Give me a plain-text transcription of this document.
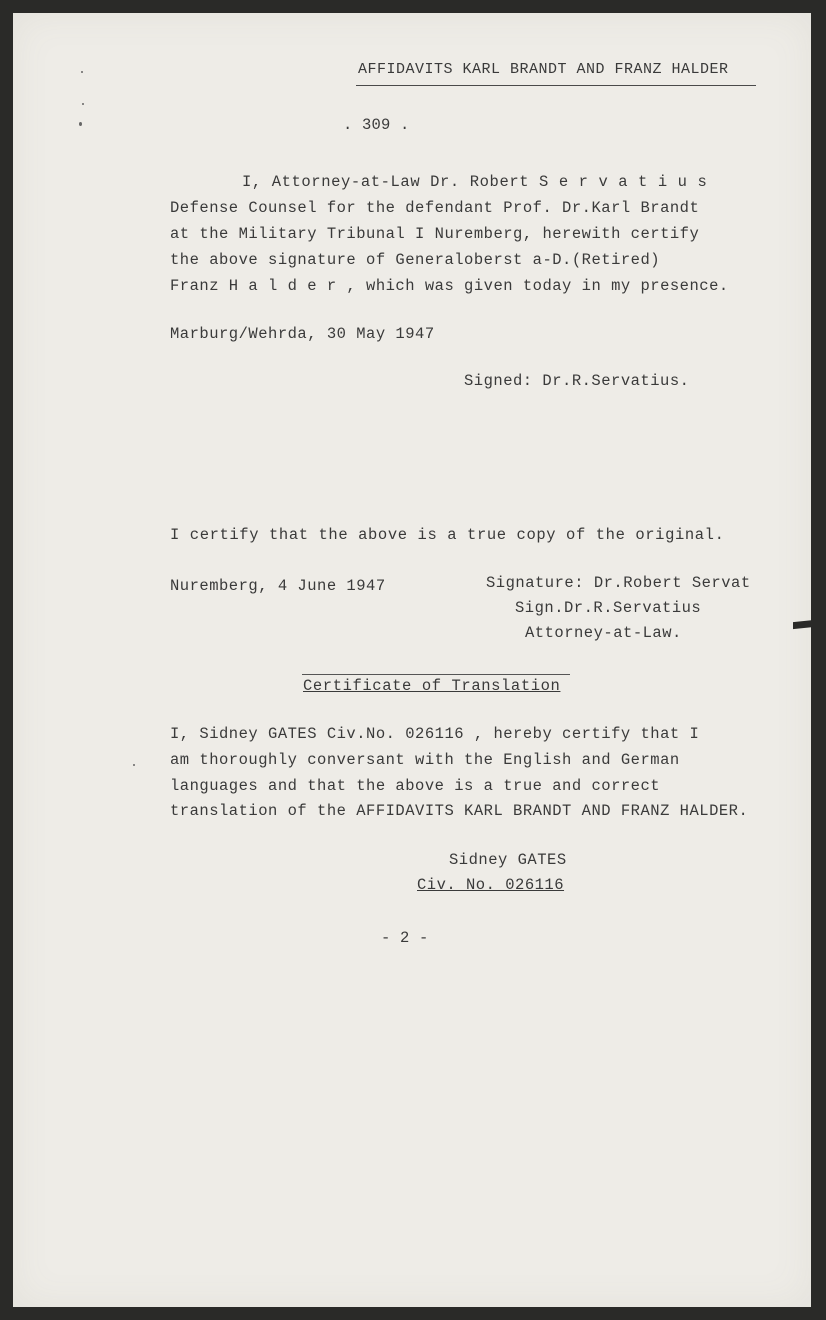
AFFIDAVITS KARL BRANDT AND FRANZ HALDER

. 309 .

I, Attorney-at-Law Dr. Robert S e r v a t i u s

Defense Counsel for the defendant Prof. Dr.Karl Brandt

at the Military Tribunal I Nuremberg, herewith certify

the above signature of Generaloberst a-D.(Retired)

Franz H a l d e r , which was given today in my presence.

Marburg/Wehrda, 30 May 1947

Signed: Dr.R.Servatius.

I certify that the above is a true copy of the original.

Nuremberg, 4 June 1947	Signature: Dr.Robert Servat

Sign.Dr.R.Servatius

Attorney-at-Law.

Certificate of Translation

I, Sidney GATES Civ.No. 026116 , hereby certify that I

am thoroughly conversant with the English and German

languages and that the above is a true and correct

translation of the AFFIDAVITS KARL BRANDT AND FRANZ HALDER.

Sidney GATES

Civ. No. 026116

- 2 -
